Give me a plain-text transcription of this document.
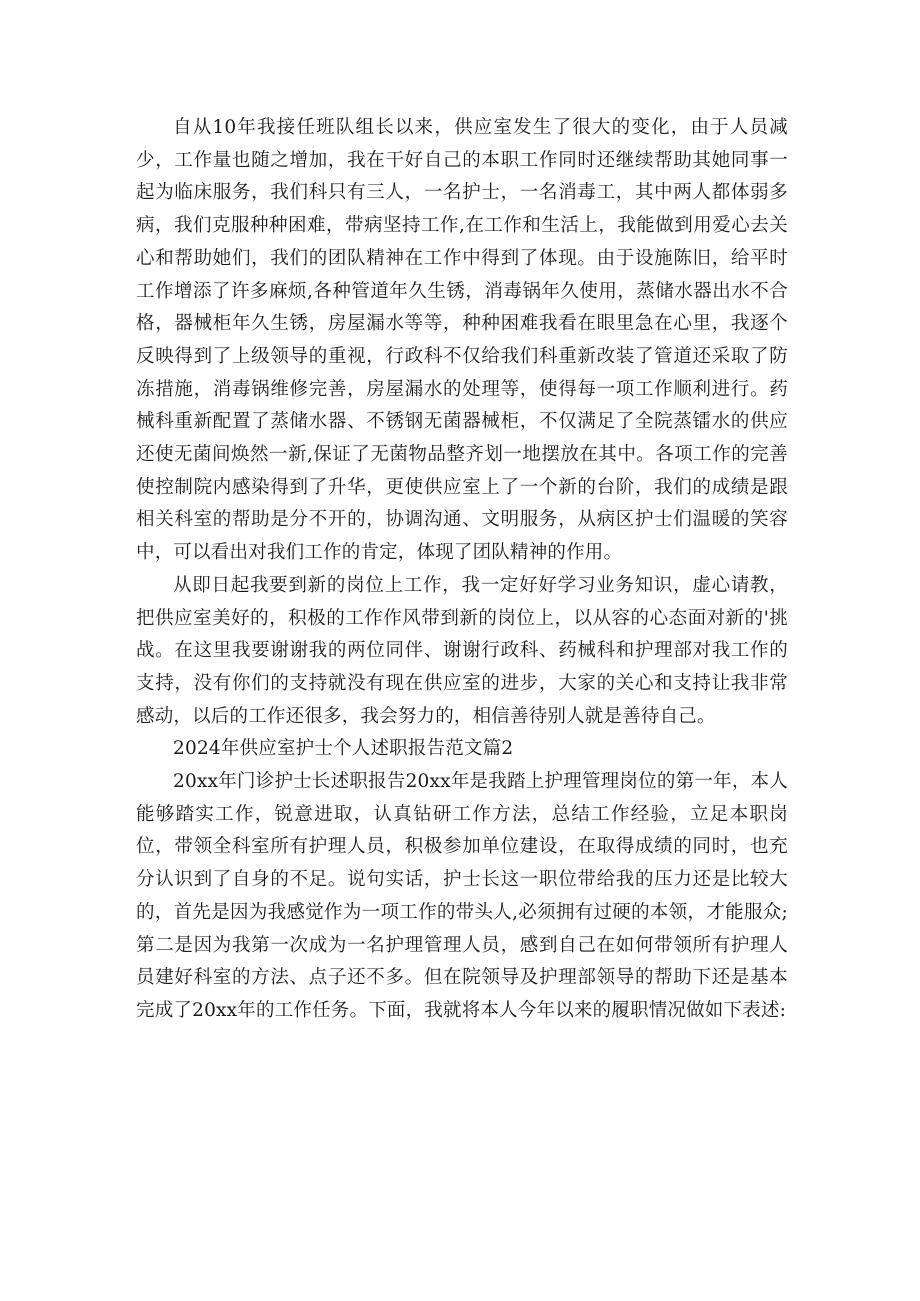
自从10年我接任班队组长以来，供应室发生了很大的变化，由于人员减少，工作量也随之增加，我在干好自己的本职工作同时还继续帮助其她同事一起为临床服务，我们科只有三人，一名护士，一名消毒工，其中两人都体弱多病，我们克服种种困难，带病坚持工作,在工作和生活上，我能做到用爱心去关心和帮助她们，我们的团队精神在工作中得到了体现。由于设施陈旧，给平时工作增添了许多麻烦,各种管道年久生锈，消毒锅年久使用，蒸储水器出水不合格，器械柜年久生锈，房屋漏水等等，种种困难我看在眼里急在心里，我逐个反映得到了上级领导的重视，行政科不仅给我们科重新改装了管道还采取了防冻措施，消毒锅维修完善，房屋漏水的处理等，使得每一项工作顺利进行。药械科重新配置了蒸储水器、不锈钢无菌器械柜，不仅满足了全院蒸镭水的供应还使无菌间焕然一新,保证了无菌物品整齐划一地摆放在其中。各项工作的完善使控制院内感染得到了升华，更使供应室上了一个新的台阶，我们的成绩是跟相关科室的帮助是分不开的，协调沟通、文明服务，从病区护士们温暖的笑容中，可以看出对我们工作的肯定，体现了团队精神的作用。

从即日起我要到新的岗位上工作，我一定好好学习业务知识，虚心请教，把供应室美好的，积极的工作作风带到新的岗位上，以从容的心态面对新的'挑战。在这里我要谢谢我的两位同伴、谢谢行政科、药械科和护理部对我工作的支持，没有你们的支持就没有现在供应室的进步，大家的关心和支持让我非常感动，以后的工作还很多，我会努力的，相信善待别人就是善待自己。

2024年供应室护士个人述职报告范文篇2

20xx年门诊护士长述职报告20xx年是我踏上护理管理岗位的第一年，本人能够踏实工作，锐意进取，认真钻研工作方法，总结工作经验，立足本职岗位，带领全科室所有护理人员，积极参加单位建设，在取得成绩的同时，也充分认识到了自身的不足。说句实话，护士长这一职位带给我的压力还是比较大的，首先是因为我感觉作为一项工作的带头人,必须拥有过硬的本领，才能服众;第二是因为我第一次成为一名护理管理人员，感到自己在如何带领所有护理人员建好科室的方法、点子还不多。但在院领导及护理部领导的帮助下还是基本完成了20xx年的工作任务。下面，我就将本人今年以来的履职情况做如下表述:
